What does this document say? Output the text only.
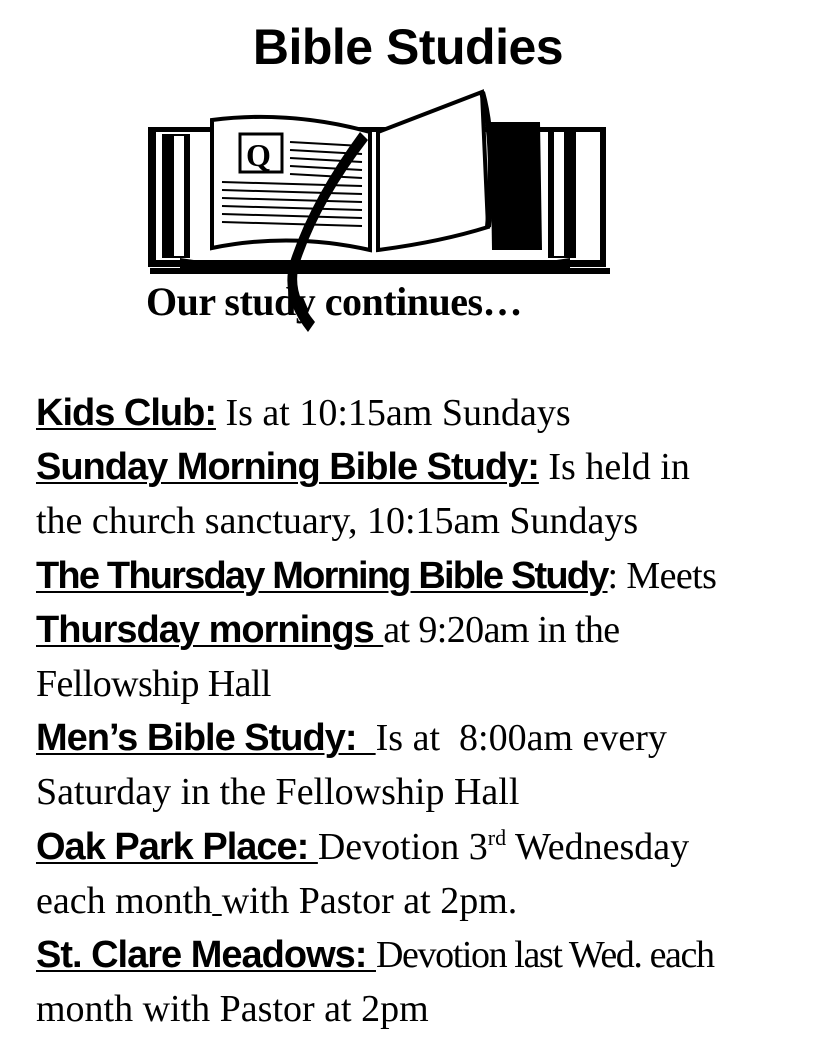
Bible Studies
Q
Our study continues…
Kids Club: Is at 10:15am Sundays
Sunday Morning Bible Study: Is held in
the church sanctuary, 10:15am Sundays
The Thursday Morning Bible Study: Meets
Thursday mornings at 9:20am in the
Fellowship Hall
Men’s Bible Study:  Is at  8:00am every
Saturday in the Fellowship Hall
Oak Park Place: Devotion 3rd Wednesday
each month with Pastor at 2pm.
St. Clare Meadows: Devotion last Wed. each
month with Pastor at 2pm
